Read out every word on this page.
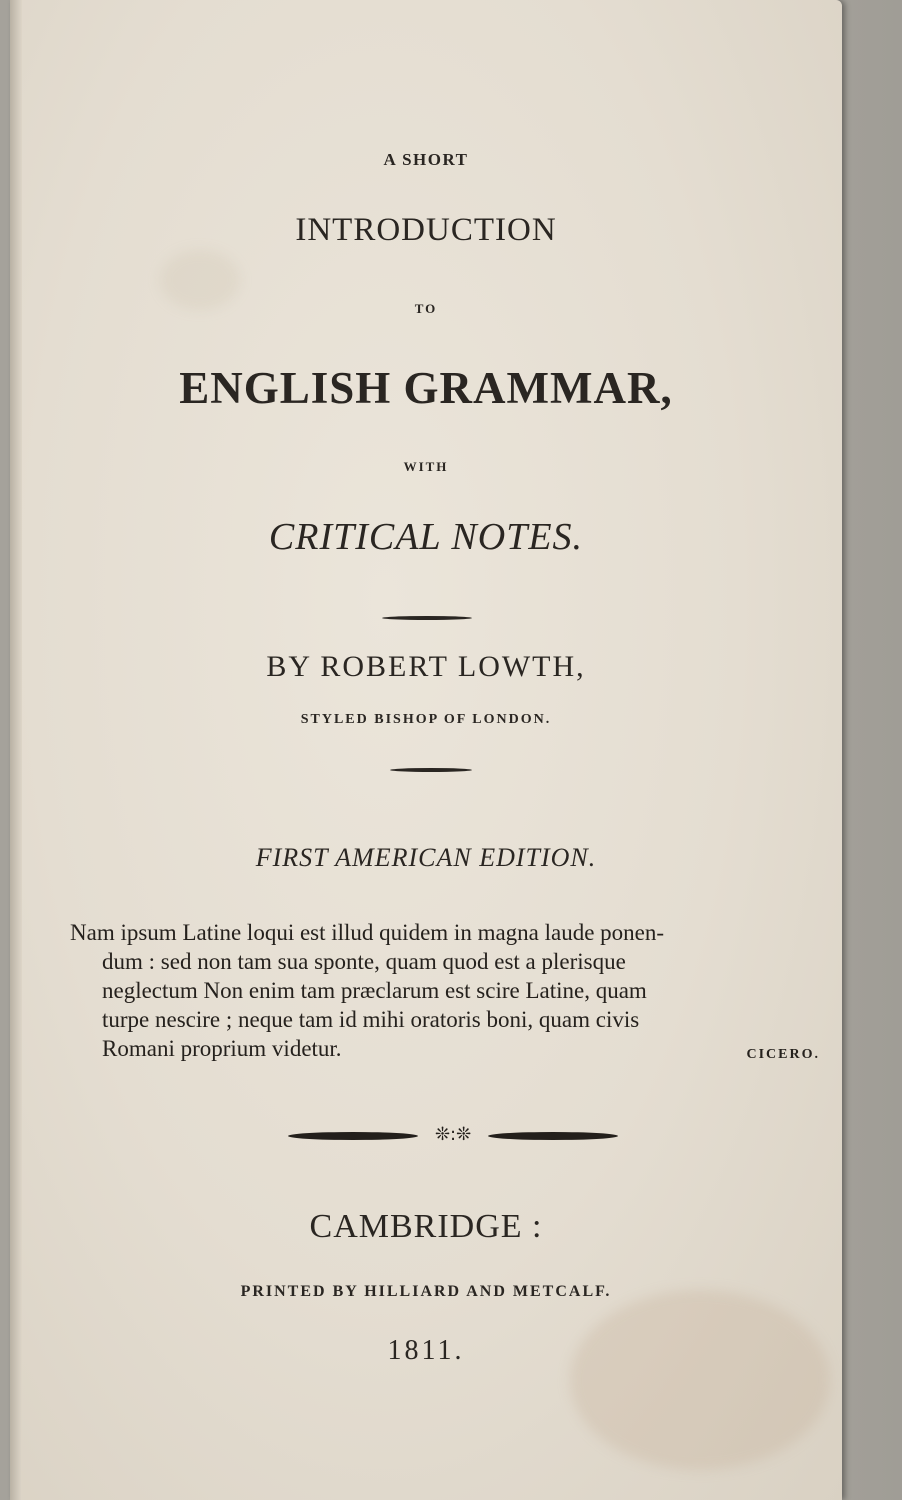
A SHORT
INTRODUCTION
TO
ENGLISH GRAMMAR,
WITH
CRITICAL NOTES.
BY ROBERT LOWTH,
STYLED BISHOP OF LONDON.
FIRST AMERICAN EDITION.
Nam ipsum Latine loqui est illud quidem in magna laude ponen-
dum : sed non tam sua sponte, quam quod est a plerisque
neglectum Non enim tam præclarum est scire Latine, quam
turpe nescire ; neque tam id mihi oratoris boni, quam civis
Romani proprium videtur.	CICERO.
❊:❊
CAMBRIDGE :
PRINTED BY HILLIARD AND METCALF.
1811.
